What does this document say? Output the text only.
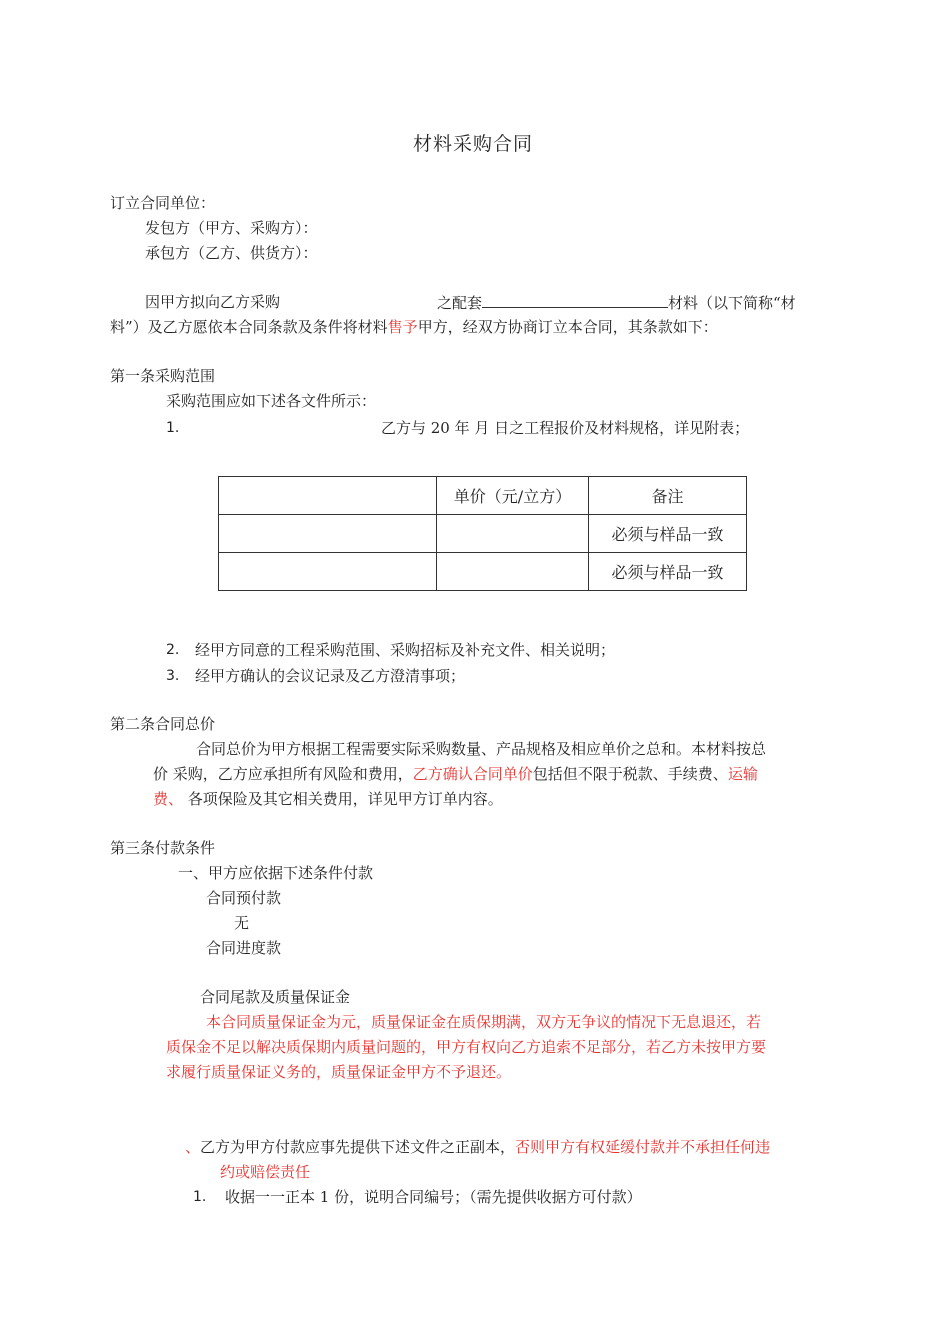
材料采购合同
订立合同单位：
发包方（甲方、采购方）：
承包方（乙方、供货方）：
因甲方拟向乙方采购	之配套	材料（以下简称“材
料”）及乙方愿依本合同条款及条件将材料售予甲方，经双方协商订立本合同，其条款如下：
第一条采购范围
采购范围应如下述各文件所示：
1.	乙方与 20 年 月 日之工程报价及材料规格，详见附表；
	单价（元/立方）	备注
		必须与样品一致
		必须与样品一致
2. 经甲方同意的工程采购范围、采购招标及补充文件、相关说明；
3. 经甲方确认的会议记录及乙方澄清事项；
第二条合同总价
合同总价为甲方根据工程需要实际采购数量、产品规格及相应单价之总和。本材料按总
价 采购，乙方应承担所有风险和费用，乙方确认合同单价包括但不限于税款、手续费、运输
费、 各项保险及其它相关费用，详见甲方订单内容。
第三条付款条件
一、甲方应依据下述条件付款
合同预付款
无
合同进度款
合同尾款及质量保证金
本合同质量保证金为元，质量保证金在质保期满，双方无争议的情况下无息退还，若
质保金不足以解决质保期内质量问题的，甲方有权向乙方追索不足部分，若乙方未按甲方要
求履行质量保证义务的，质量保证金甲方不予退还。
、乙方为甲方付款应事先提供下述文件之正副本，否则甲方有权延缓付款并不承担任何违
约或赔偿责任
1. 收据一一正本 1 份，说明合同编号；（需先提供收据方可付款）
